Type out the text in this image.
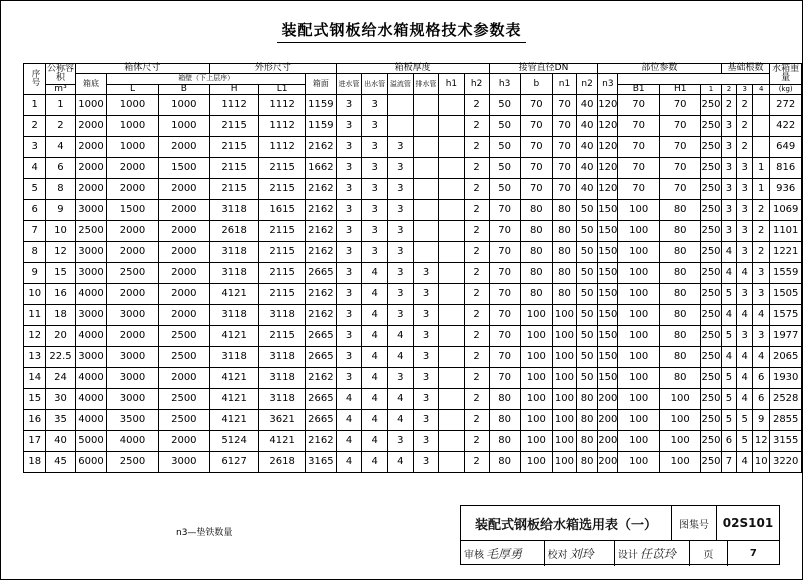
装配式钢板给水箱规格技术参数表
序号	公称容积	箱体尺寸			外形尺寸			箱板厚度						接管直径DN				部位参数				基础根数			水箱重量
		箱底	箱壁（下上层序）				箱面	进水管	出水管	溢流管	排水管	h1	h2	h3	b	n1	n2	n3							
	m³		L	B	H	L1													B1	H1	1	2	3	4	(kg)
1	1	1000	1000	1000	1112	1112	1159	3	3				2	50	70	70	40	120	70	70	250	2	2		272
2	2	2000	1000	1000	2115	1112	1159	3	3				2	50	70	70	40	120	70	70	250	3	2		422
3	4	2000	1000	2000	2115	1112	2162	3	3	3			2	50	70	70	40	120	70	70	250	3	2		649
4	6	2000	2000	1500	2115	2115	1662	3	3	3			2	50	70	70	40	120	70	70	250	3	3	1	816
5	8	2000	2000	2000	2115	2115	2162	3	3	3			2	50	70	70	40	120	70	70	250	3	3	1	936
6	9	3000	1500	2000	3118	1615	2162	3	3	3			2	70	80	80	50	150	100	80	250	3	3	2	1069
7	10	2500	2000	2000	2618	2115	2162	3	3	3			2	70	80	80	50	150	100	80	250	3	3	2	1101
8	12	3000	2000	2000	3118	2115	2162	3	3	3			2	70	80	80	50	150	100	80	250	4	3	2	1221
9	15	3000	2500	2000	3118	2115	2665	3	4	3	3		2	70	80	80	50	150	100	80	250	4	4	3	1559
10	16	4000	2000	2000	4121	2115	2162	3	4	3	3		2	70	80	80	50	150	100	80	250	5	3	3	1505
11	18	3000	3000	2000	3118	3118	2162	3	4	3	3		2	70	100	100	50	150	100	80	250	4	4	4	1575
12	20	4000	2000	2500	4121	2115	2665	3	4	4	3		2	70	100	100	50	150	100	80	250	5	3	3	1977
13	22.5	3000	3000	2500	3118	3118	2665	3	4	4	3		2	70	100	100	50	150	100	80	250	4	4	4	2065
14	24	4000	3000	2000	4121	3118	2162	3	4	3	3		2	70	100	100	50	150	100	80	250	5	4	6	1930
15	30	4000	3000	2500	4121	3118	2665	4	4	4	3		2	80	100	100	80	200	100	100	250	5	4	6	2528
16	35	4000	3500	2500	4121	3621	2665	4	4	4	3		2	80	100	100	80	200	100	100	250	5	5	9	2855
17	40	5000	4000	2000	5124	4121	2162	4	4	3	3		2	80	100	100	80	200	100	100	250	6	5	12	3155
18	45	6000	2500	3000	6127	2618	3165	4	4	4	3		2	80	100	100	80	200	100	100	250	7	4	10	3220
n3—垫铁数量
装配式钢板给水箱选用表（一）	图集号	02S101
审核 毛厚勇	校对 刘玲 设计 任苡玲	页	7
